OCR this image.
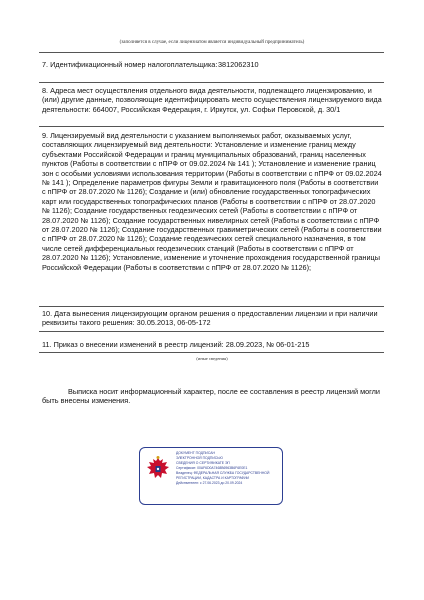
(заполняется в случае, если лицензиатом является индивидуальный предприниматель)
7. Идентификационный номер налогоплательщика: 3812062310
8. Адреса мест осуществления отдельного вида деятельности, подлежащего лицензированию, и (или) другие данные, позволяющие идентифицировать место осуществления лицензируемого вида деятельности: 664007, Российская Федерация, г. Иркутск, ул. Софьи Перовской, д. 30/1
9. Лицензируемый вид деятельности с указанием выполняемых работ, оказываемых услуг, составляющих лицензируемый вид деятельности: Установление и изменение границ между субъектами Российской Федерации и границ муниципальных образований, границ населенных пунктов (Работы в соответствии с пПРФ от 09.02.2024 № 141 ); Установление и изменение границ зон с особыми условиями использования территории (Работы в соответствии с пПРФ от 09.02.2024 № 141 ); Определение параметров фигуры Земли и гравитационного поля (Работы в соответствии с пПРФ от 28.07.2020 № 1126); Создание и (или) обновление государственных топографических карт или государственных топографических планов (Работы в соответствии с пПРФ от 28.07.2020 № 1126); Создание государственных геодезических сетей (Работы в соответствии с пПРФ от 28.07.2020 № 1126); Создание государственных нивелирных сетей (Работы в соответствии с пПРФ от 28.07.2020 № 1126); Создание государственных гравиметрических сетей (Работы в соответствии с пПРФ от 28.07.2020 № 1126); Создание геодезических сетей специального назначения, в том числе сетей дифференциальных геодезических станций (Работы в соответствии с пПРФ от 28.07.2020 № 1126); Установление, изменение и уточнение прохождения государственной границы Российской Федерации (Работы в соответствии с пПРФ от 28.07.2020 № 1126);
10. Дата вынесения лицензирующим органом решения о предоставлении лицензии и при наличии реквизиты такого решения: 30.05.2013, 06-05-172
11. Приказ о внесении изменений в реестр лицензий: 28.09.2023, № 06-01-215
(иные сведения)
Выписка носит информационный характер, после ее составления в реестр лицензий могли быть внесены изменения.
ДОКУМЕНТ ПОДПИСАН
ЭЛЕКТРОННОЙ ПОДПИСЬЮ
СВЕДЕНИЯ О СЕРТИФИКАТЕ ЭП
Сертификат: 00AF6D0A7468B6963B6F6E0E1
Владелец: ФЕДЕРАЛЬНАЯ СЛУЖБА ГОСУДАРСТВЕННОЙ
РЕГИСТРАЦИИ, КАДАСТРА И КАРТОГРАФИИ
Действителен: с 27.06.2023 до 20.09.2024
